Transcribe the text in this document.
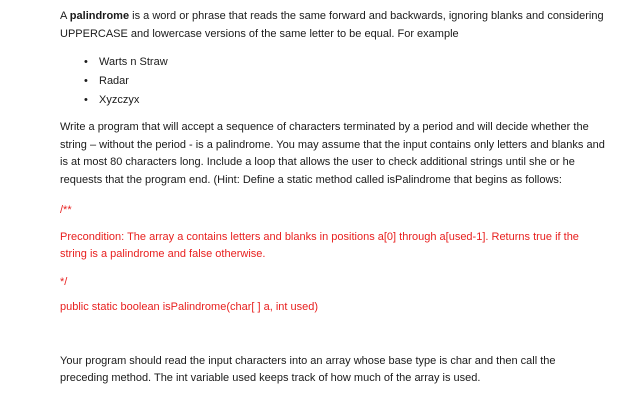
A palindrome is a word or phrase that reads the same forward and backwards, ignoring blanks and considering UPPERCASE and lowercase versions of the same letter to be equal. For example

• Warts n Straw
• Radar
• Xyzczyx

Write a program that will accept a sequence of characters terminated by a period and will decide whether the string – without the period - is a palindrome. You may assume that the input contains only letters and blanks and is at most 80 characters long. Include a loop that allows the user to check additional strings until she or he requests that the program end. (Hint: Define a static method called isPalindrome that begins as follows:

/**

Precondition: The array a contains letters and blanks in positions a[0] through a[used-1]. Returns true if the string is a palindrome and false otherwise.

*/

public static boolean isPalindrome(char[ ] a, int used)

Your program should read the input characters into an array whose base type is char and then call the preceding method. The int variable used keeps track of how much of the array is used.
